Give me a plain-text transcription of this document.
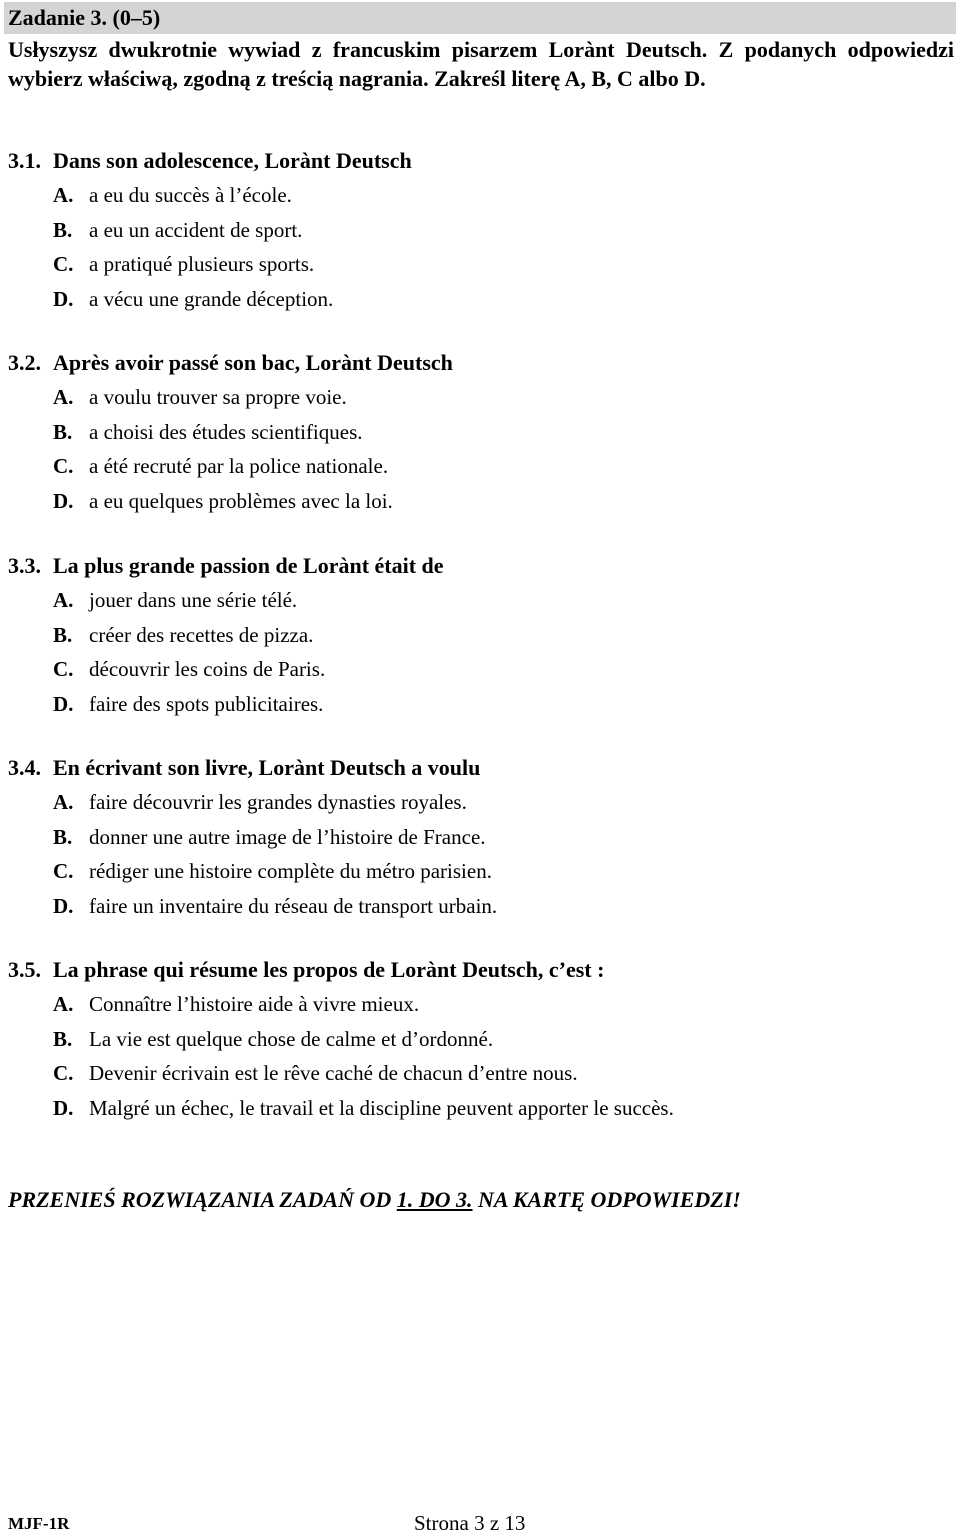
Zadanie 3. (0–5)

Usłyszysz dwukrotnie wywiad z francuskim pisarzem Lorànt Deutsch. Z podanych odpowiedzi wybierz właściwą, zgodną z treścią nagrania. Zakreśl literę A, B, C albo D.

3.1. Dans son adolescence, Lorànt Deutsch
A. a eu du succès à l’école.
B. a eu un accident de sport.
C. a pratiqué plusieurs sports.
D. a vécu une grande déception.
3.2. Après avoir passé son bac, Lorànt Deutsch
A. a voulu trouver sa propre voie.
B. a choisi des études scientifiques.
C. a été recruté par la police nationale.
D. a eu quelques problèmes avec la loi.
3.3. La plus grande passion de Lorànt était de
A. jouer dans une série télé.
B. créer des recettes de pizza.
C. découvrir les coins de Paris.
D. faire des spots publicitaires.
3.4. En écrivant son livre, Lorànt Deutsch a voulu
A. faire découvrir les grandes dynasties royales.
B. donner une autre image de l’histoire de France.
C. rédiger une histoire complète du métro parisien.
D. faire un inventaire du réseau de transport urbain.
3.5. La phrase qui résume les propos de Lorànt Deutsch, c’est :
A. Connaître l’histoire aide à vivre mieux.
B. La vie est quelque chose de calme et d’ordonné.
C. Devenir écrivain est le rêve caché de chacun d’entre nous.
D. Malgré un échec, le travail et la discipline peuvent apporter le succès.
PRZENIEŚ ROZWIĄZANIA ZADAŃ OD 1. DO 3. NA KARTĘ ODPOWIEDZI!
MJF-1R	Strona 3 z 13
